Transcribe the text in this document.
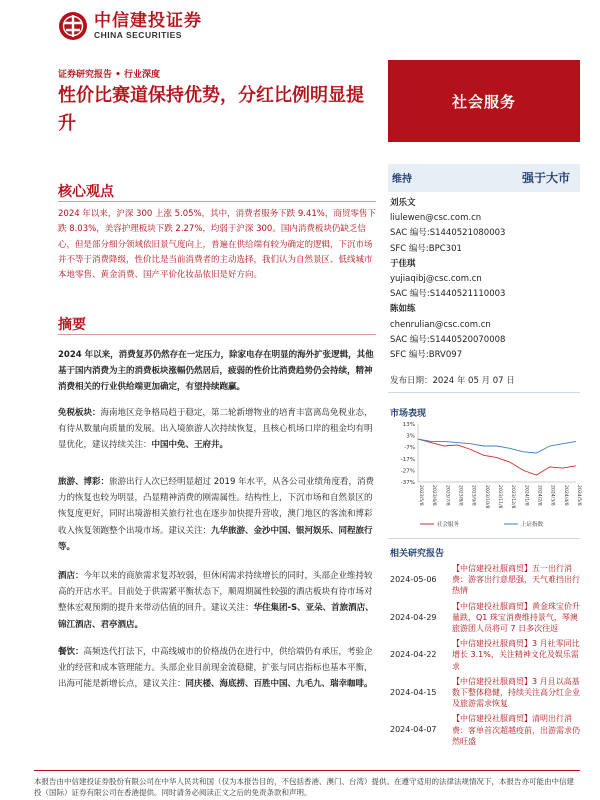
中信建投证券
CHINA SECURITIES
证券研究报告 • 行业深度
性价比赛道保持优势，分红比例明显提升
社会服务
核心观点

2024 年以来，沪深 300 上涨 5.05%，其中，消费者服务下跌 9.41%，商贸零售下跌 8.03%，美容护理板块下跌 2.27%，均弱于沪深 300。国内消费板块仍缺乏信心，但是部分细分领域依旧景气度向上，普遍在供给端有较为确定的逻辑，下沉市场并不等于消费降级，性价比是当前消费者的主动选择，我们认为自然景区、低线城市本地零售、黄金消费、国产平价化妆品依旧是好方向。

摘要
2024 年以来，消费复苏仍然存在一定压力，除家电存在明显的海外扩张逻辑，其他基于国内消费为主的消费板块涨幅仍然居后，疲弱的性价比消费趋势仍会持续，精神消费相关的行业供给端更加确定，有望持续跑赢。
免税板块：海南地区竞争格局趋于稳定，第二轮新增物业的培育丰富离岛免税业态，有待从数量向质量的发展。出入境旅游人次持续恢复，且核心机场口岸的租金均有明显优化，建议持续关注：中国中免、王府井。
旅游、博彩：旅游出行人次已经明显超过 2019 年水平，从各公司业绩角度看，消费力的恢复也较为明显，凸显精神消费的刚需属性。结构性上，下沉市场和自然景区的恢复度更好，同时出境游相关旅行社也在逐步加快提升营收，澳门地区的客流和博彩收入恢复领跑整个出境市场。建议关注：九华旅游、金沙中国、银河娱乐、同程旅行等。
酒店：今年以来的商旅需求复苏较弱，但休闲需求持续增长的同时，头部企业维持较高的开店水平。目前处于供需紧平衡状态下，顺周期属性较强的酒店板块有待市场对整体宏观预期的提升来带动估值的回升。建议关注：华住集团-S、亚朵、首旅酒店、锦江酒店、君亭酒店。
餐饮：高频迭代打法下，中高线城市的价格战仍在进行中，供给端仍有承压，考验企业的经营和成本管理能力。头部企业目前现金流稳健，扩张与同店指标也基本平衡，出海可能是新增长点，建议关注：同庆楼、海底捞、百胜中国、九毛九、瑞幸咖啡。
维持	强于大市
刘乐文
liulewen@csc.com.cn
SAC 编号:S1440521080003
SFC 编号:BPC301
于佳琪
yujiaqibj@csc.com.cn
SAC 编号:S1440521110003
陈如练
chenrulian@csc.com.cn
SAC 编号:S1440520070008
SFC 编号:BRV097
发布日期：2024 年 05 月 07 日
市场表现
13%
3%
-7%
-17%
-27%
-37%
2023/5/8 2023/6/8 2023/7/8 2023/8/8 2023/9/8 2023/10/8 2023/11/8 2023/12/8 2024/1/8 2024/2/8 2024/3/8 2024/4/8 2024/5/8
社会服务	上证指数
相关研究报告
2024-05-06
【中信建投社服商贸】五一出行消费：游客出行意愿强，天气难挡出行热情
2024-04-29
【中信建投社服商贸】黄金珠宝价升量跌，Q1 珠宝消费维持景气，琴澳旅游团人员将可 7 日多次往返
2024-04-22
【中信建投社服商贸】3 月社零同比增长 3.1%，关注精神文化及娱乐需求
2024-04-15
【中信建投社服商贸】3 月且以高基数下整体稳健，持续关注高分红企业及旅游需求恢复
2024-04-07
【中信建投社服商贸】清明出行消费：客单首次超越疫前，出游需求仍然旺盛
本报告由中信建投证券股份有限公司在中华人民共和国（仅为本报告目的，不包括香港、澳门、台湾）提供。在遵守适用的法律法规情况下，本报告亦可能由中信建投（国际）证券有限公司在香港提供。同时请务必阅读正文之后的免责条款和声明。
